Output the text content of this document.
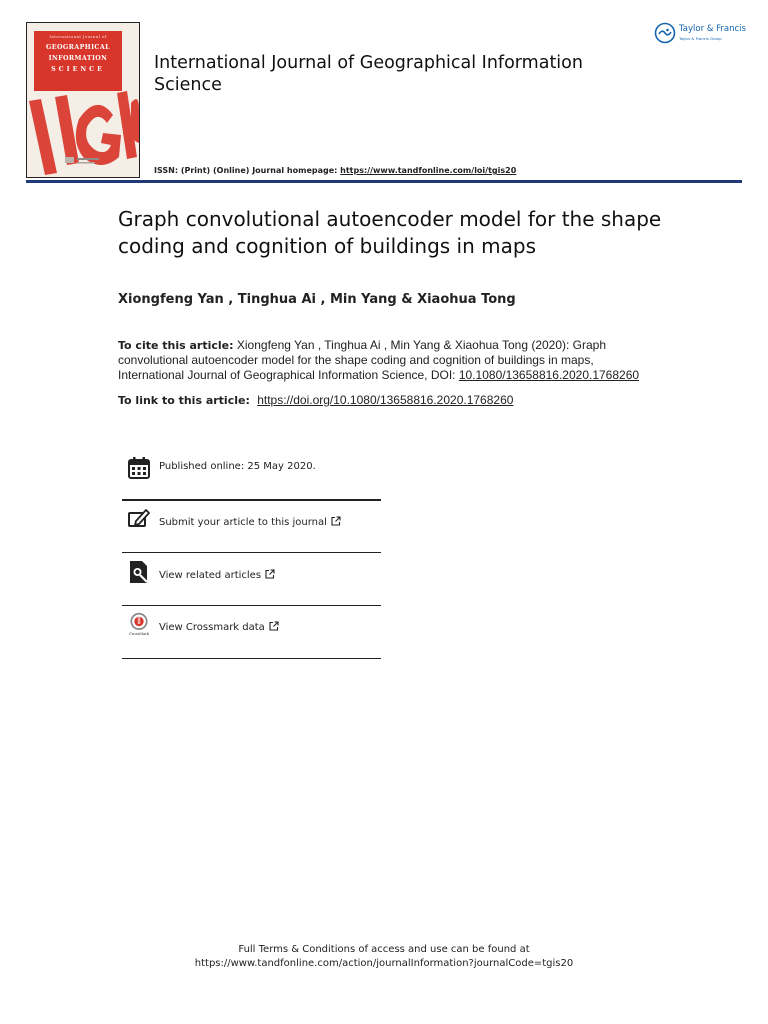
International Journal of
GEOGRAPHICAL
INFORMATION
SCIENCE	International Journal of Geographical Information Science
Taylor & Francis
Taylor & Francis Group
ISSN: (Print) (Online) Journal homepage: https://www.tandfonline.com/loi/tgis20
Graph convolutional autoencoder model for the shape coding and cognition of buildings in maps
Xiongfeng Yan , Tinghua Ai , Min Yang & Xiaohua Tong
To cite this article: Xiongfeng Yan , Tinghua Ai , Min Yang & Xiaohua Tong (2020): Graph convolutional autoencoder model for the shape coding and cognition of buildings in maps, International Journal of Geographical Information Science, DOI: 10.1080/13658816.2020.1768260
To link to this article: https://doi.org/10.1080/13658816.2020.1768260
Published online: 25 May 2020.
Submit your article to this journal
View related articles
CrossMark
View Crossmark data
Full Terms & Conditions of access and use can be found at
https://www.tandfonline.com/action/journalInformation?journalCode=tgis20
